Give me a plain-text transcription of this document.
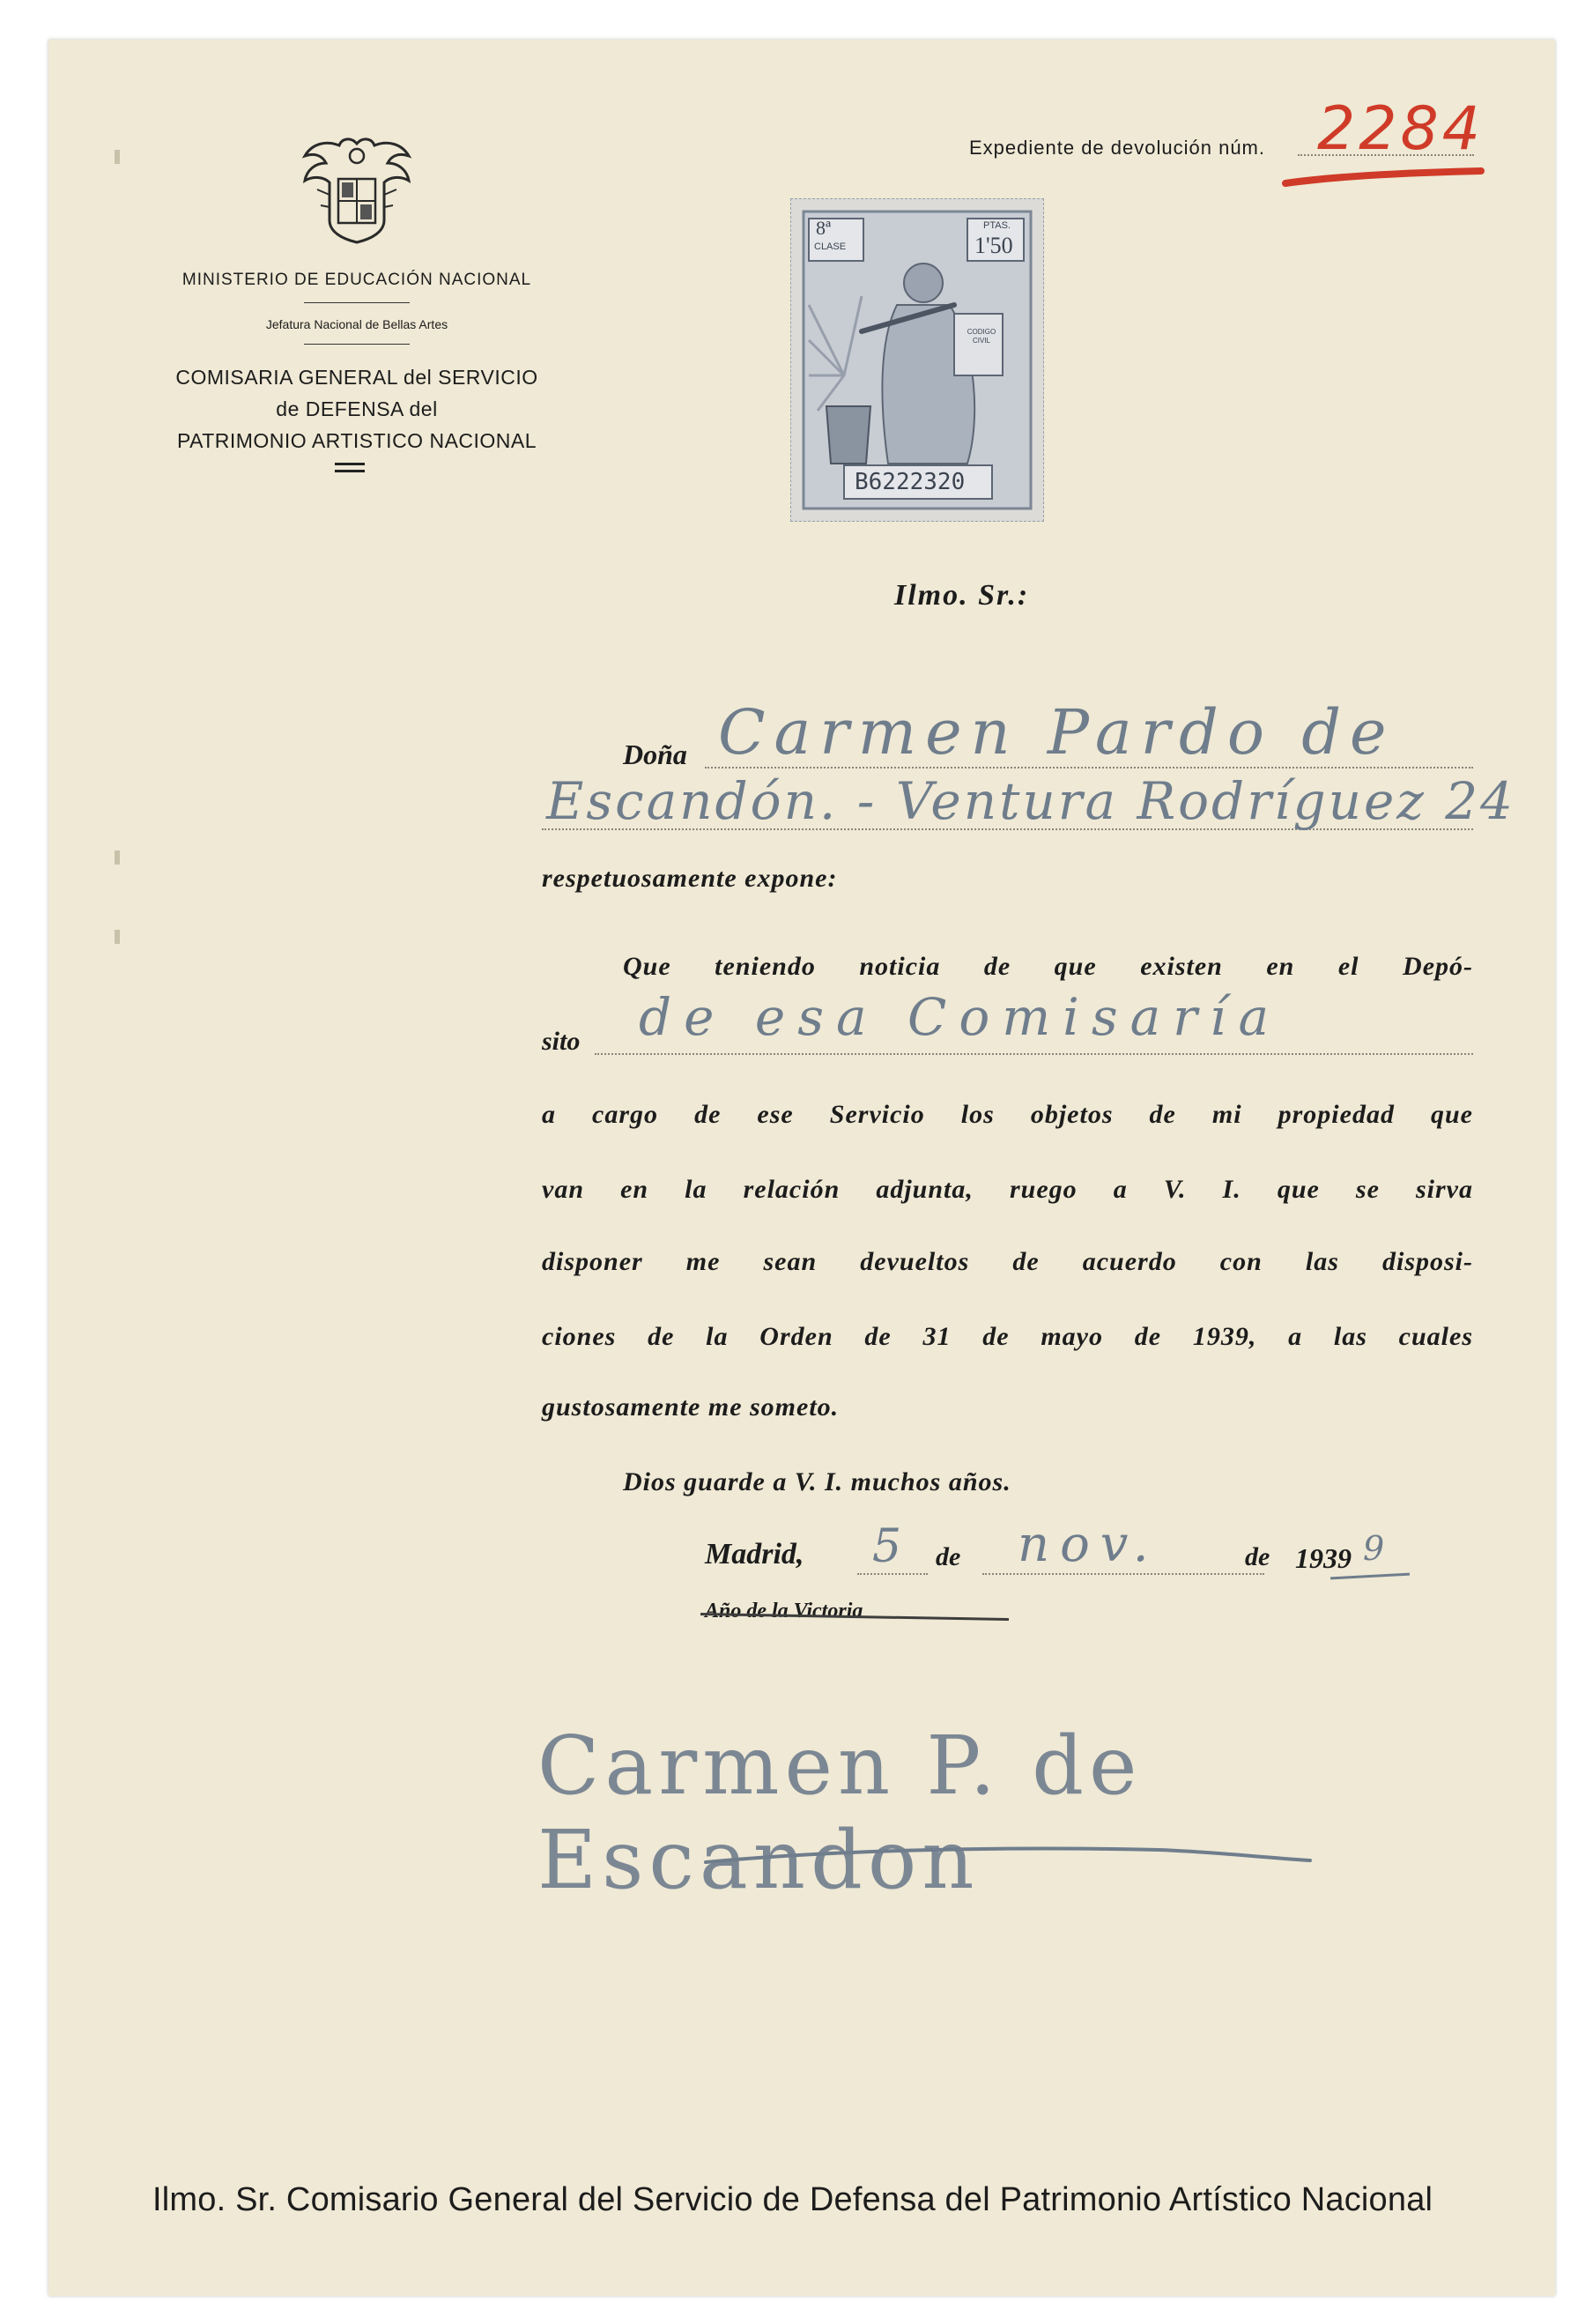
MINISTERIO DE EDUCACIÓN NACIONAL
Jefatura Nacional de Bellas Artes
COMISARIA GENERAL del SERVICIO
de DEFENSA del
PATRIMONIO ARTISTICO NACIONAL
Expediente de devolución núm. 2284
8ª
CLASE
PTAS.
1'50
CODIGO CIVIL
B6222320
Ilmo. Sr.:
Doña Carmen Pardo de
Escandón. - Ventura Rodríguez 24
respetuosamente expone:
Que teniendo noticia de que existen en el Depó-
sito de esa Comisaría
a cargo de ese Servicio los objetos de mi propiedad que
van en la relación adjunta, ruego a V. I. que se sirva
disponer me sean devueltos de acuerdo con las disposi-
ciones de la Orden de 31 de mayo de 1939, a las cuales
gustosamente me someto.
Dios guarde a V. I. muchos años.
Madrid, 5 de nov.	de 1939 9
Año de la Victoria
Carmen P. de Escandon
Ilmo. Sr. Comisario General del Servicio de Defensa del Patrimonio Artístico Nacional
